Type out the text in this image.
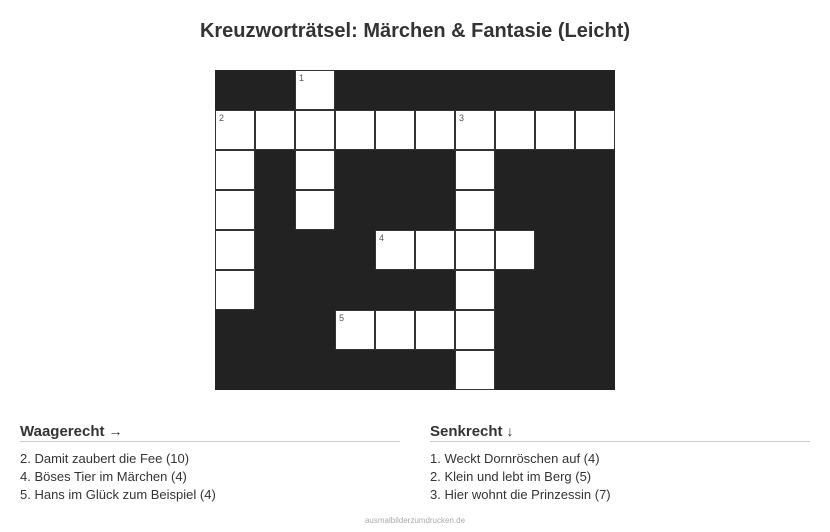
Kreuzworträtsel: Märchen & Fantasie (Leicht)
1
2	3
4
5
Waagerecht →
2. Damit zaubert die Fee (10)
4. Böses Tier im Märchen (4)
5. Hans im Glück zum Beispiel (4)
Senkrecht ↓
1. Weckt Dornröschen auf (4)
2. Klein und lebt im Berg (5)
3. Hier wohnt die Prinzessin (7)
ausmalbilderzumdrucken.de
